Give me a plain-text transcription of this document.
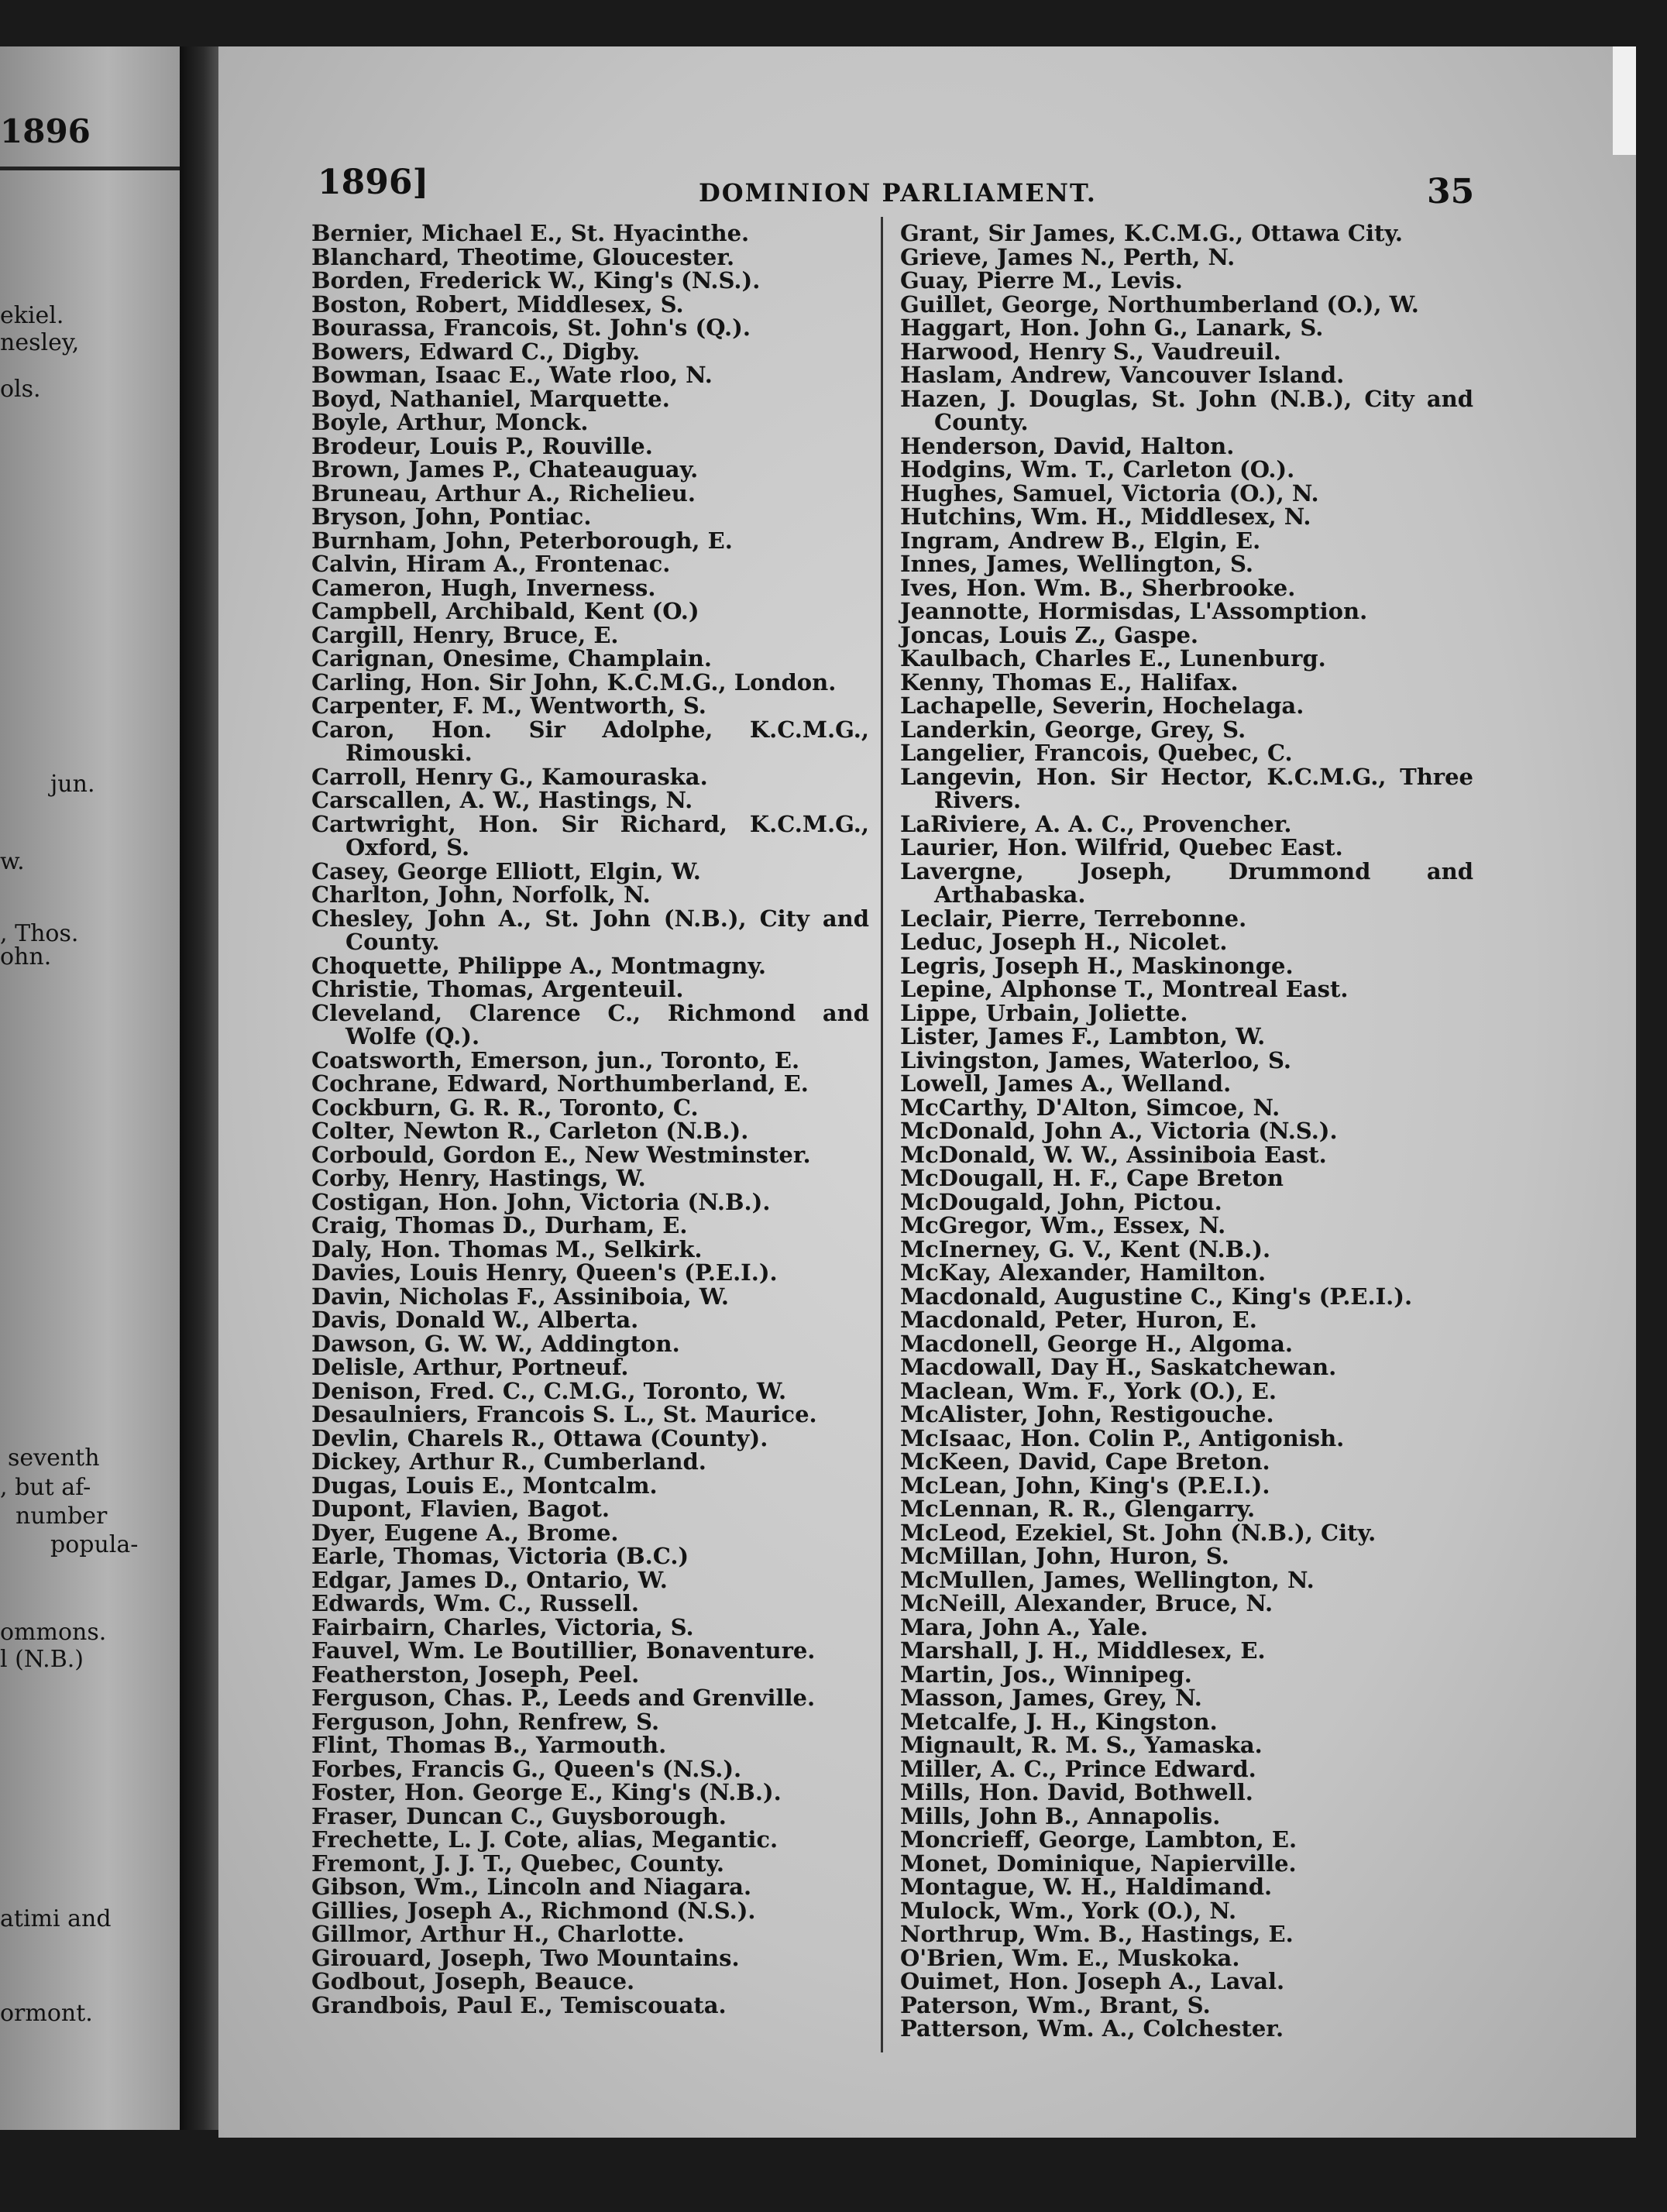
1896
ekiel.
nesley,
ols.
jun.
w.
, Thos.
ohn.
seventh
, but af-
number
popula-
ommons.
l (N.B.)
atimi and
ormont.
1896]	DOMINION PARLIAMENT.	35

Bernier, Michael E., St. Hyacinthe.

Blanchard, Theotime, Gloucester.

Borden, Frederick W., King's (N.S.).

Boston, Robert, Middlesex, S.

Bourassa, Francois, St. John's (Q.).

Bowers, Edward C., Digby.

Bowman, Isaac E., Wate rloo, N.

Boyd, Nathaniel, Marquette.

Boyle, Arthur, Monck.

Brodeur, Louis P., Rouville.

Brown, James P., Chateauguay.

Bruneau, Arthur A., Richelieu.

Bryson, John, Pontiac.

Burnham, John, Peterborough, E.

Calvin, Hiram A., Frontenac.

Cameron, Hugh, Inverness.

Campbell, Archibald, Kent (O.)

Cargill, Henry, Bruce, E.

Carignan, Onesime, Champlain.

Carling, Hon. Sir John, K.C.M.G., London.

Carpenter, F. M., Wentworth, S.

Caron, Hon. Sir Adolphe, K.C.M.G., Rimouski.

Carroll, Henry G., Kamouraska.

Carscallen, A. W., Hastings, N.

Cartwright, Hon. Sir Richard, K.C.M.G., Oxford, S.

Casey, George Elliott, Elgin, W.

Charlton, John, Norfolk, N.

Chesley, John A., St. John (N.B.), City and County.

Choquette, Philippe A., Montmagny.

Christie, Thomas, Argenteuil.

Cleveland, Clarence C., Richmond and Wolfe (Q.).

Coatsworth, Emerson, jun., Toronto, E.

Cochrane, Edward, Northumberland, E.

Cockburn, G. R. R., Toronto, C.

Colter, Newton R., Carleton (N.B.).

Corbould, Gordon E., New Westminster.

Corby, Henry, Hastings, W.

Costigan, Hon. John, Victoria (N.B.).

Craig, Thomas D., Durham, E.

Daly, Hon. Thomas M., Selkirk.

Davies, Louis Henry, Queen's (P.E.I.).

Davin, Nicholas F., Assiniboia, W.

Davis, Donald W., Alberta.

Dawson, G. W. W., Addington.

Delisle, Arthur, Portneuf.

Denison, Fred. C., C.M.G., Toronto, W.

Desaulniers, Francois S. L., St. Maurice.

Devlin, Charels R., Ottawa (County).

Dickey, Arthur R., Cumberland.

Dugas, Louis E., Montcalm.

Dupont, Flavien, Bagot.

Dyer, Eugene A., Brome.

Earle, Thomas, Victoria (B.C.)

Edgar, James D., Ontario, W.

Edwards, Wm. C., Russell.

Fairbairn, Charles, Victoria, S.

Fauvel, Wm. Le Boutillier, Bonaventure.

Featherston, Joseph, Peel.

Ferguson, Chas. P., Leeds and Grenville.

Ferguson, John, Renfrew, S.

Flint, Thomas B., Yarmouth.

Forbes, Francis G., Queen's (N.S.).

Foster, Hon. George E., King's (N.B.).

Fraser, Duncan C., Guysborough.

Frechette, L. J. Cote, alias, Megantic.

Fremont, J. J. T., Quebec, County.

Gibson, Wm., Lincoln and Niagara.

Gillies, Joseph A., Richmond (N.S.).

Gillmor, Arthur H., Charlotte.

Girouard, Joseph, Two Mountains.

Godbout, Joseph, Beauce.

Grandbois, Paul E., Temiscouata.

Grant, Sir James, K.C.M.G., Ottawa City.

Grieve, James N., Perth, N.

Guay, Pierre M., Levis.

Guillet, George, Northumberland (O.), W.

Haggart, Hon. John G., Lanark, S.

Harwood, Henry S., Vaudreuil.

Haslam, Andrew, Vancouver Island.

Hazen, J. Douglas, St. John (N.B.), City and County.

Henderson, David, Halton.

Hodgins, Wm. T., Carleton (O.).

Hughes, Samuel, Victoria (O.), N.

Hutchins, Wm. H., Middlesex, N.

Ingram, Andrew B., Elgin, E.

Innes, James, Wellington, S.

Ives, Hon. Wm. B., Sherbrooke.

Jeannotte, Hormisdas, L'Assomption.

Joncas, Louis Z., Gaspe.

Kaulbach, Charles E., Lunenburg.

Kenny, Thomas E., Halifax.

Lachapelle, Severin, Hochelaga.

Landerkin, George, Grey, S.

Langelier, Francois, Quebec, C.

Langevin, Hon. Sir Hector, K.C.M.G., Three Rivers.

LaRiviere, A. A. C., Provencher.

Laurier, Hon. Wilfrid, Quebec East.

Lavergne, Joseph, Drummond and Arthabaska.

Leclair, Pierre, Terrebonne.

Leduc, Joseph H., Nicolet.

Legris, Joseph H., Maskinonge.

Lepine, Alphonse T., Montreal East.

Lippe, Urbain, Joliette.

Lister, James F., Lambton, W.

Livingston, James, Waterloo, S.

Lowell, James A., Welland.

McCarthy, D'Alton, Simcoe, N.

McDonald, John A., Victoria (N.S.).

McDonald, W. W., Assiniboia East.

McDougall, H. F., Cape Breton

McDougald, John, Pictou.

McGregor, Wm., Essex, N.

McInerney, G. V., Kent (N.B.).

McKay, Alexander, Hamilton.

Macdonald, Augustine C., King's (P.E.I.).

Macdonald, Peter, Huron, E.

Macdonell, George H., Algoma.

Macdowall, Day H., Saskatchewan.

Maclean, Wm. F., York (O.), E.

McAlister, John, Restigouche.

McIsaac, Hon. Colin P., Antigonish.

McKeen, David, Cape Breton.

McLean, John, King's (P.E.I.).

McLennan, R. R., Glengarry.

McLeod, Ezekiel, St. John (N.B.), City.

McMillan, John, Huron, S.

McMullen, James, Wellington, N.

McNeill, Alexander, Bruce, N.

Mara, John A., Yale.

Marshall, J. H., Middlesex, E.

Martin, Jos., Winnipeg.

Masson, James, Grey, N.

Metcalfe, J. H., Kingston.

Mignault, R. M. S., Yamaska.

Miller, A. C., Prince Edward.

Mills, Hon. David, Bothwell.

Mills, John B., Annapolis.

Moncrieff, George, Lambton, E.

Monet, Dominique, Napierville.

Montague, W. H., Haldimand.

Mulock, Wm., York (O.), N.

Northrup, Wm. B., Hastings, E.

O'Brien, Wm. E., Muskoka.

Ouimet, Hon. Joseph A., Laval.

Paterson, Wm., Brant, S.

Patterson, Wm. A., Colchester.
